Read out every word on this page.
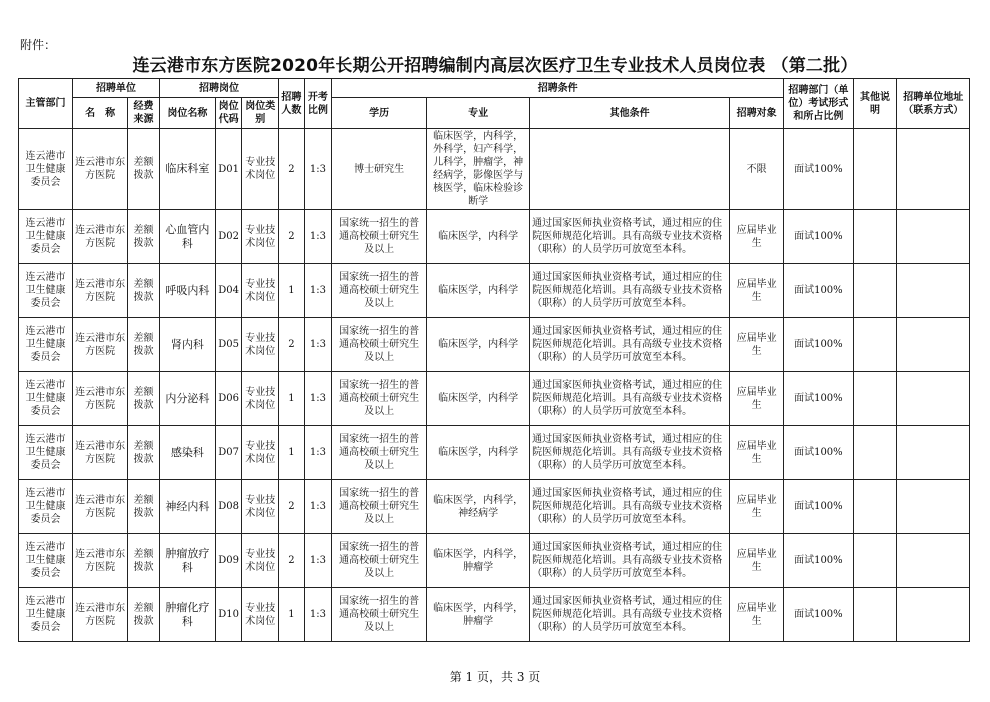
附件：
连云港市东方医院2020年长期公开招聘编制内高层次医疗卫生专业技术人员岗位表 （第二批）
主管部门	招聘单位		招聘岗位			招聘人数	开考比例	招聘条件				招聘部门（单位）考试形式和所占比例	其他说明	招聘单位地址（联系方式）
	名　称	经费来源	岗位名称	岗位代码	岗位类别			学历	专业	其他条件	招聘对象			
连云港市卫生健康委员会	连云港市东方医院	差额拨款	临床科室	D01	专业技术岗位	2	1:3	博士研究生	临床医学，内科学，外科学，妇产科学，儿科学，肿瘤学，神经病学，影像医学与核医学，临床检验诊断学		不限	面试100%		
连云港市卫生健康委员会	连云港市东方医院	差额拨款	心血管内科	D02	专业技术岗位	2	1:3	国家统一招生的普通高校硕士研究生及以上	临床医学，内科学	通过国家医师执业资格考试，通过相应的住院医师规范化培训。具有高级专业技术资格（职称）的人员学历可放宽至本科。	应届毕业生	面试100%		
连云港市卫生健康委员会	连云港市东方医院	差额拨款	呼吸内科	D04	专业技术岗位	1	1:3	国家统一招生的普通高校硕士研究生及以上	临床医学，内科学	通过国家医师执业资格考试，通过相应的住院医师规范化培训。具有高级专业技术资格（职称）的人员学历可放宽至本科。	应届毕业生	面试100%		
连云港市卫生健康委员会	连云港市东方医院	差额拨款	肾内科	D05	专业技术岗位	2	1:3	国家统一招生的普通高校硕士研究生及以上	临床医学，内科学	通过国家医师执业资格考试，通过相应的住院医师规范化培训。具有高级专业技术资格（职称）的人员学历可放宽至本科。	应届毕业生	面试100%		
连云港市卫生健康委员会	连云港市东方医院	差额拨款	内分泌科	D06	专业技术岗位	1	1:3	国家统一招生的普通高校硕士研究生及以上	临床医学，内科学	通过国家医师执业资格考试，通过相应的住院医师规范化培训。具有高级专业技术资格（职称）的人员学历可放宽至本科。	应届毕业生	面试100%		
连云港市卫生健康委员会	连云港市东方医院	差额拨款	感染科	D07	专业技术岗位	1	1:3	国家统一招生的普通高校硕士研究生及以上	临床医学，内科学	通过国家医师执业资格考试，通过相应的住院医师规范化培训。具有高级专业技术资格（职称）的人员学历可放宽至本科。	应届毕业生	面试100%		
连云港市卫生健康委员会	连云港市东方医院	差额拨款	神经内科	D08	专业技术岗位	2	1:3	国家统一招生的普通高校硕士研究生及以上	临床医学，内科学，神经病学	通过国家医师执业资格考试，通过相应的住院医师规范化培训。具有高级专业技术资格（职称）的人员学历可放宽至本科。	应届毕业生	面试100%		
连云港市卫生健康委员会	连云港市东方医院	差额拨款	肿瘤放疗科	D09	专业技术岗位	2	1:3	国家统一招生的普通高校硕士研究生及以上	临床医学，内科学，肿瘤学	通过国家医师执业资格考试，通过相应的住院医师规范化培训。具有高级专业技术资格（职称）的人员学历可放宽至本科。	应届毕业生	面试100%		
连云港市卫生健康委员会	连云港市东方医院	差额拨款	肿瘤化疗科	D10	专业技术岗位	1	1:3	国家统一招生的普通高校硕士研究生及以上	临床医学，内科学，肿瘤学	通过国家医师执业资格考试，通过相应的住院医师规范化培训。具有高级专业技术资格（职称）的人员学历可放宽至本科。	应届毕业生	面试100%		
第 1 页，共 3 页
